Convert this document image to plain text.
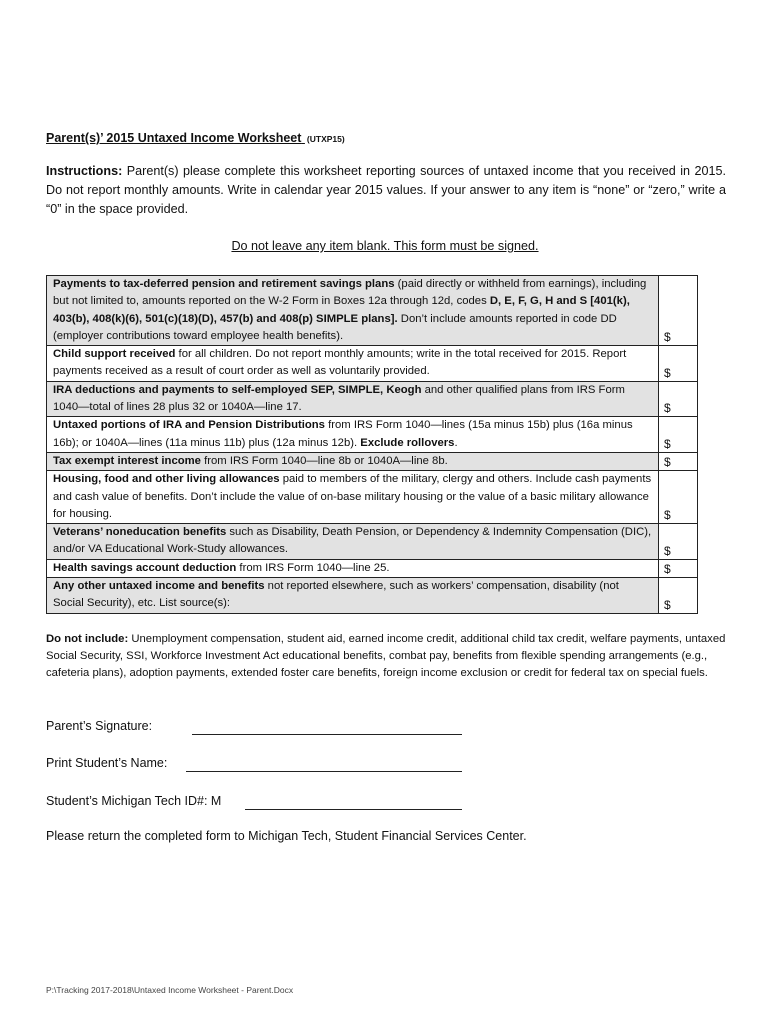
Parent(s)’ 2015 Untaxed Income Worksheet (UTXP15)
Instructions: Parent(s) please complete this worksheet reporting sources of untaxed income that you received in 2015. Do not report monthly amounts. Write in calendar year 2015 values. If your answer to any item is “none” or “zero,” write a “0” in the space provided.
Do not leave any item blank. This form must be signed.
Payments to tax-deferred pension and retirement savings plans (paid directly or withheld from earnings), including but not limited to, amounts reported on the W-2 Form in Boxes 12a through 12d, codes D, E, F, G, H and S [401(k), 403(b), 408(k)(6), 501(c)(18)(D), 457(b) and 408(p) SIMPLE plans]. Don’t include amounts reported in code DD (employer contributions toward employee health benefits).	$
Child support received for all children. Do not report monthly amounts; write in the total received for 2015. Report payments received as a result of court order as well as voluntarily provided.	$
IRA deductions and payments to self-employed SEP, SIMPLE, Keogh and other qualified plans from IRS Form 1040—total of lines 28 plus 32 or 1040A—line 17.	$
Untaxed portions of IRA and Pension Distributions from IRS Form 1040—lines (15a minus 15b) plus (16a minus 16b); or 1040A—lines (11a minus 11b) plus (12a minus 12b). Exclude rollovers.	$
Tax exempt interest income from IRS Form 1040—line 8b or 1040A—line 8b.	$
Housing, food and other living allowances paid to members of the military, clergy and others. Include cash payments and cash value of benefits. Don’t include the value of on-base military housing or the value of a basic military allowance for housing.	$
Veterans’ noneducation benefits such as Disability, Death Pension, or Dependency & Indemnity Compensation (DIC), and/or VA Educational Work-Study allowances.	$
Health savings account deduction from IRS Form 1040—line 25.	$
Any other untaxed income and benefits not reported elsewhere, such as workers’ compensation, disability (not Social Security), etc. List source(s):	$
Do not include: Unemployment compensation, student aid, earned income credit, additional child tax credit, welfare payments, untaxed Social Security, SSI, Workforce Investment Act educational benefits, combat pay, benefits from flexible spending arrangements (e.g., cafeteria plans), adoption payments, extended foster care benefits, foreign income exclusion or credit for federal tax on special fuels.
Parent’s Signature:
Print Student’s Name:
Student’s Michigan Tech ID#: M
Please return the completed form to Michigan Tech, Student Financial Services Center.
P:\Tracking 2017-2018\Untaxed Income Worksheet - Parent.Docx
